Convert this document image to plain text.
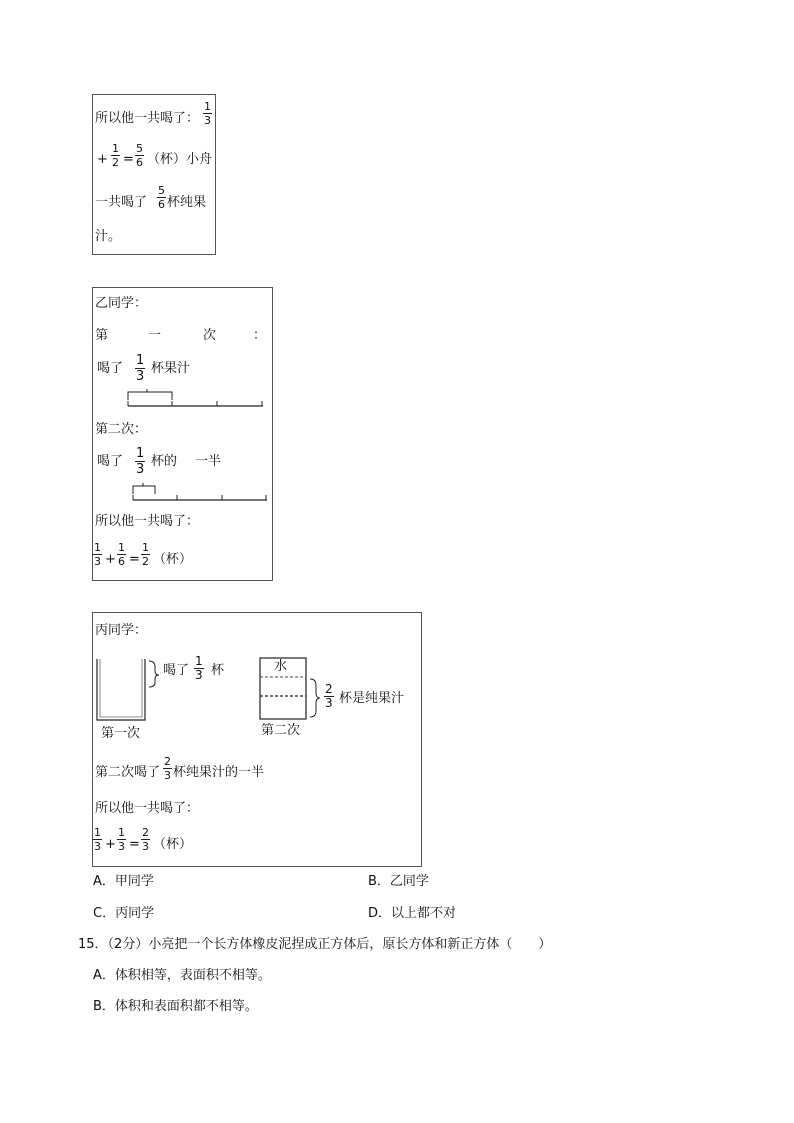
所以他一共喝了：
1
3
+
1
2 =
5
6 （杯）小舟
一共喝了
5
6 杯纯果
汁。
乙同学：
第	一	次	：
喝了
1
3
杯果汁
第二次：
喝了
1
3
杯的 一半
所以他一共喝了：
1
3 +
1
6 =
1
2 （杯）
丙同学：
喝了
1
3 杯
第一次
水
2
3 杯是纯果汁
第二次
第二次喝了
2
3 杯纯果汁的一半
所以他一共喝了：
1
3 +
1
3 =
2
3 （杯）
A．甲同学	B．乙同学
C．丙同学	D．以上都不对
15．（2分）小亮把一个长方体橡皮泥捏成正方体后，原长方体和新正方体（　　）
A．体积相等，表面积不相等。
B．体积和表面积都不相等。
